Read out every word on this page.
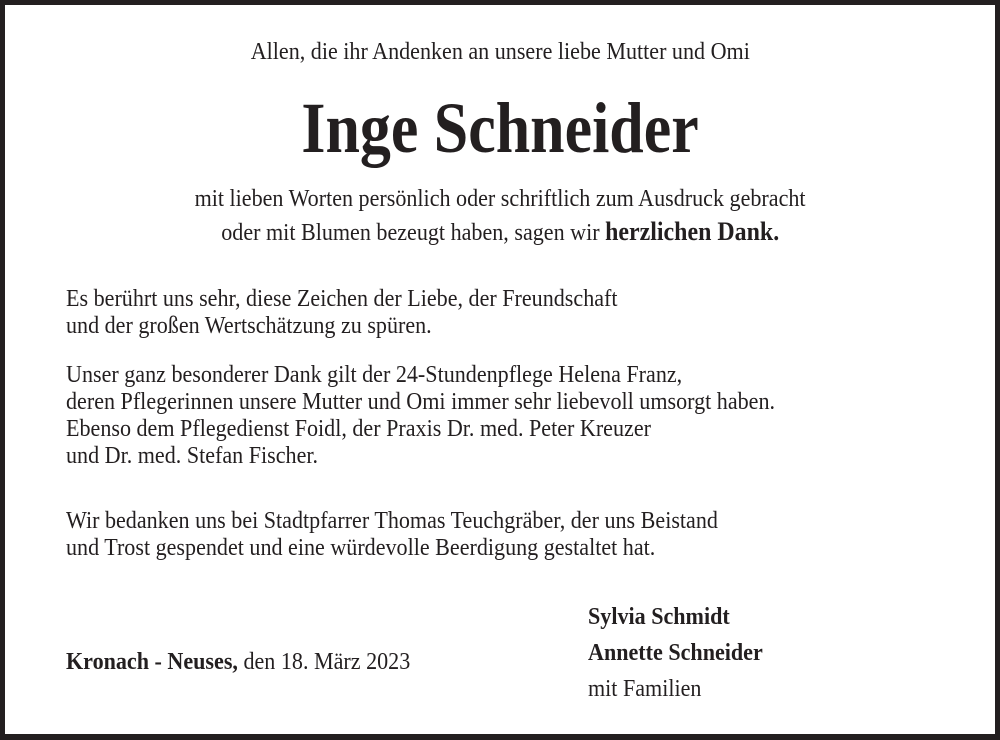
Allen, die ihr Andenken an unsere liebe Mutter und Omi
Inge Schneider
mit lieben Worten persönlich oder schriftlich zum Ausdruck gebracht
oder mit Blumen bezeugt haben, sagen wir herzlichen Dank.
Es berührt uns sehr, diese Zeichen der Liebe, der Freundschaft
und der großen Wertschätzung zu spüren.
Unser ganz besonderer Dank gilt der 24-Stundenpflege Helena Franz,
deren Pflegerinnen unsere Mutter und Omi immer sehr liebevoll umsorgt haben.
Ebenso dem Pflegedienst Foidl, der Praxis Dr. med. Peter Kreuzer
und Dr. med. Stefan Fischer.
Wir bedanken uns bei Stadtpfarrer Thomas Teuchgräber, der uns Beistand
und Trost gespendet und eine würdevolle Beerdigung gestaltet hat.
Kronach - Neuses, den 18. März 2023
Sylvia Schmidt
Annette Schneider
mit Familien
